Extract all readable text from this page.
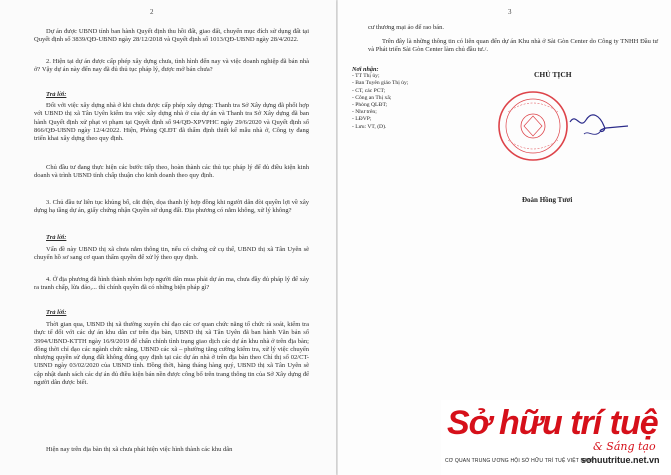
2

Dự án được UBND tỉnh ban hành Quyết định thu hồi đất, giao đất, chuyển mục đích sử dụng đất tại Quyết định số 3839/QĐ-UBND ngày 28/12/2018 và Quyết định số 1013/QĐ-UBND ngày 28/4/2022.

2. Hiện tại dự án được cấp phép xây dựng chưa, tình hình đến nay và việc doanh nghiệp đã bán nhà ở? Vậy dự án này đến nay đã đủ thủ tục pháp lý, được mở bán chưa?

Trả lời:

Đối với việc xây dựng nhà ở khi chưa được cấp phép xây dựng: Thanh tra Sở Xây dựng đã phối hợp với UBND thị xã Tân Uyên kiểm tra việc xây dựng nhà ở của dự án và Thanh tra Sở Xây dựng đã ban hành Quyết định xử phạt vi phạm tại Quyết định số 94/QĐ-XPVPHC ngày 29/6/2020 và Quyết định số 866/QĐ-UBND ngày 12/4/2022. Hiện, Phòng QLĐT đã thẩm định thiết kế mẫu nhà ở, Công ty đang triển khai xây dựng theo quy định.

Chủ đầu tư đang thực hiện các bước tiếp theo, hoàn thành các thủ tục pháp lý để đủ điều kiện kinh doanh và trình UBND tỉnh chấp thuận cho kinh doanh theo quy định.

3. Chủ đầu tư liên tục khủng bố, cắt điện, dọa thanh lý hợp đồng khi người dân đòi quyền lợi về xây dựng hạ tầng dự án, giấy chứng nhận Quyền sử dụng đất. Địa phương có nắm không, xử lý không?

Trả lời:

Vấn đề này UBND thị xã chưa nắm thông tin, nếu có chứng cứ cụ thể, UBND thị xã Tân Uyên sẽ chuyển hồ sơ sang cơ quan thẩm quyền để xử lý theo quy định.

4. Ở địa phương đã hình thành nhóm hợp người dân mua phải dự án ma, chưa đầy đủ pháp lý để xảy ra tranh chấp, lừa đảo,... thì chính quyền đã có những biện pháp gì?

Trả lời:

Thời gian qua, UBND thị xã thường xuyên chỉ đạo các cơ quan chức năng tổ chức rà soát, kiểm tra thực tế đối với các dự án khu dân cư trên địa bàn, UBND thị xã Tân Uyên đã ban hành Văn bản số 3994/UBND-KTTH ngày 16/9/2019 để chấn chỉnh tình trạng giao dịch các dự án khu nhà ở trên địa bàn; đồng thời chỉ đạo các ngành chức năng, UBND các xã – phường tăng cường kiểm tra, xử lý việc chuyển nhượng quyền sử dụng đất không đúng quy định tại các dự án nhà ở trên địa bàn theo Chỉ thị số 02/CT-UBND ngày 03/02/2020 của UBND tỉnh. Đồng thời, hàng tháng hàng quý, UBND thị xã Tân Uyên sẽ cập nhật danh sách các dự án đủ điều kiện bán nền được công bố trên trang thông tin của Sở Xây dựng để người dân được biết.

Hiện nay trên địa bàn thị xã chưa phát hiện việc hình thành các khu dân

3

cư thương mại ảo để rao bán.

Trên đây là những thông tin có liên quan đến dự án Khu nhà ở Sài Gòn Center do Công ty TNHH Đầu tư và Phát triển Sài Gòn Center làm chủ đầu tư./.

Nơi nhận:
- TT Thị ủy;
- Ban Tuyên giáo Thị ủy;
- CT, các PCT;
- Công an Thị xã;
- Phòng QLĐT;
- Như trên;
- LĐVP;
- Lưu: VT, (D).
CHỦ TỊCH
Đoàn Hồng Tươi
Sở hữu trí tuệ
& Sáng tạo
CƠ QUAN TRUNG ƯƠNG HỘI SỞ HỮU TRÍ TUỆ VIỆT NAM
sohuutritue.net.vn
